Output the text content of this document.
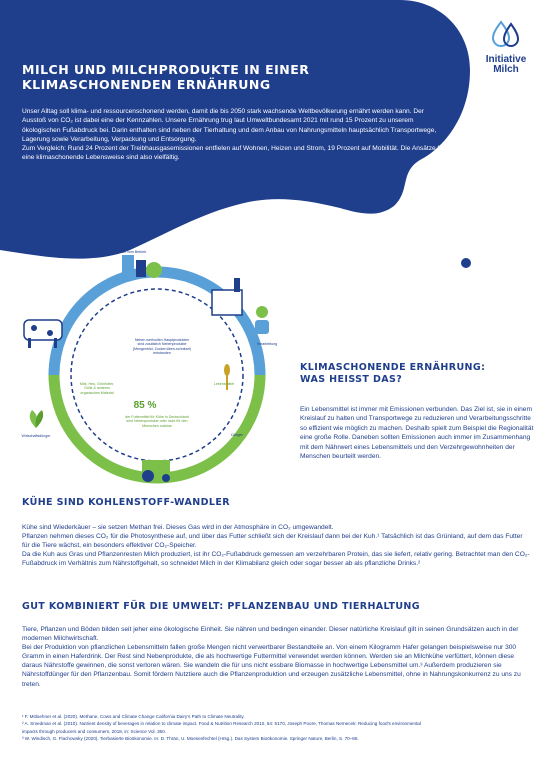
Initiative
Milch
MILCH UND MILCHPRODUKTE IN EINER
KLIMASCHONENDEN ERNÄHRUNG

Unser Alltag soll klima- und ressourcenschonend werden, damit die bis 2050 stark wachsende Weltbevölkerung ernährt werden kann. Der Ausstoß von CO₂ ist dabei eine der Kennzahlen. Unsere Ernährung trug laut Umweltbundesamt 2021 mit rund 15 Prozent zu unserem ökologischen Fußabdruck bei. Darin enthalten sind neben der Tierhaltung und dem Anbau von Nahrungsmitteln hauptsächlich Transportwege, Lagerung sowie Verarbeitung, Verpackung und Entsorgung.

Zum Vergleich: Rund 24 Prozent der Treibhausgasemissionen entfielen auf Wohnen, Heizen und Strom, 19 Prozent auf Mobilität. Die Ansätze für eine klimaschonende Lebensweise sind also vielfältig.

Milch vom Betrieb
Neben wertvollen Hauptprodukten sind zusätzlich Nebenprodukte (Mengenbild, Zuckerrüben-schnitzel) entstanden
Mist, Heu, Grünfutter, Gülle & anderes organisches Material
Verarbeitung
Lebensmittel
Dünger
Wirtschaftsdünger
der Futtermittel für Kühe in Deutschland sind Nebenprodukte oder nicht für den Menschen nutzbar
85 %
KLIMASCHONENDE ERNÄHRUNG:
WAS HEISST DAS?

Ein Lebensmittel ist immer mit Emissionen verbunden. Das Ziel ist, sie in einem Kreislauf zu halten und Transportwege zu reduzieren und Verarbeitungsschritte so effizient wie möglich zu machen. Deshalb spielt zum Beispiel die Regionalität eine große Rolle. Daneben sollten Emissionen auch immer im Zusammenhang mit dem Nährwert eines Lebensmittels und den Verzehrgewohnheiten der Menschen beurteilt werden.

KÜHE SIND KOHLENSTOFF-WANDLER

Kühe sind Wiederkäuer – sie setzen Methan frei. Dieses Gas wird in der Atmosphäre in CO₂ umgewandelt.

Pflanzen nehmen dieses CO₂ für die Photosynthese auf, und über das Futter schließt sich der Kreislauf dann bei der Kuh.¹ Tatsächlich ist das Grünland, auf dem das Futter für die Tiere wächst, ein besonders effektiver CO₂-Speicher.

Da die Kuh aus Gras und Pflanzenresten Milch produziert, ist ihr CO₂-Fußabdruck gemessen am verzehrbaren Protein, das sie liefert, relativ gering. Betrachtet man den CO₂-Fußabdruck im Verhältnis zum Nährstoffgehalt, so schneidet Milch in der Klimabilanz gleich oder sogar besser ab als pflanzliche Drinks.²

GUT KOMBINIERT FÜR DIE UMWELT: PFLANZENBAU UND TIERHALTUNG

Tiere, Pflanzen und Böden bilden seit jeher eine ökologische Einheit. Sie nähren und bedingen einander. Dieser natürliche Kreislauf gilt in seinen Grundsätzen auch in der modernen Milchwirtschaft.

Bei der Produktion von pflanzlichen Lebensmitteln fallen große Mengen nicht verwertbarer Bestandteile an. Von einem Kilogramm Hafer gelangen beispielsweise nur 300 Gramm in einen Haferdrink. Der Rest sind Nebenprodukte, die als hochwertige Futtermittel verwendet werden können. Werden sie an Milchkühe verfüttert, können diese daraus Nährstoffe gewinnen, die sonst verloren wären. Sie wandeln die für uns nicht essbare Biomasse in hochwertige Lebensmittel um.³ Außerdem produzieren sie Nährstoffdünger für den Pflanzenbau. Somit fördern Nutztiere auch die Pflanzenproduktion und erzeugen zusätzliche Lebensmittel, ohne in Nahrungskonkurrenz zu uns zu treten.

¹ F. Mitloehner et al. (2020). Methane, Cows and Climate Change California Dairy's Path to Climate Neutrality.
² A. Smedman et al. (2010). Nutrient density of beverages in relation to climate impact. Food & Nutrition Research 2010, 54: 5170, Joseph Poore, Thomas Nemecek: Reducing food's environmental
impacts through producers and consumers, 2018, in: Science Vol. 360.
³ W. Windisch, G. Flachowsky (2020). Tierbasierte Bioökonomie. In: D. Thrän, U. Moesenfechtel (Hrsg.). Das System Bioökonomie. Springer Nature, Berlin, S. 70–86.
